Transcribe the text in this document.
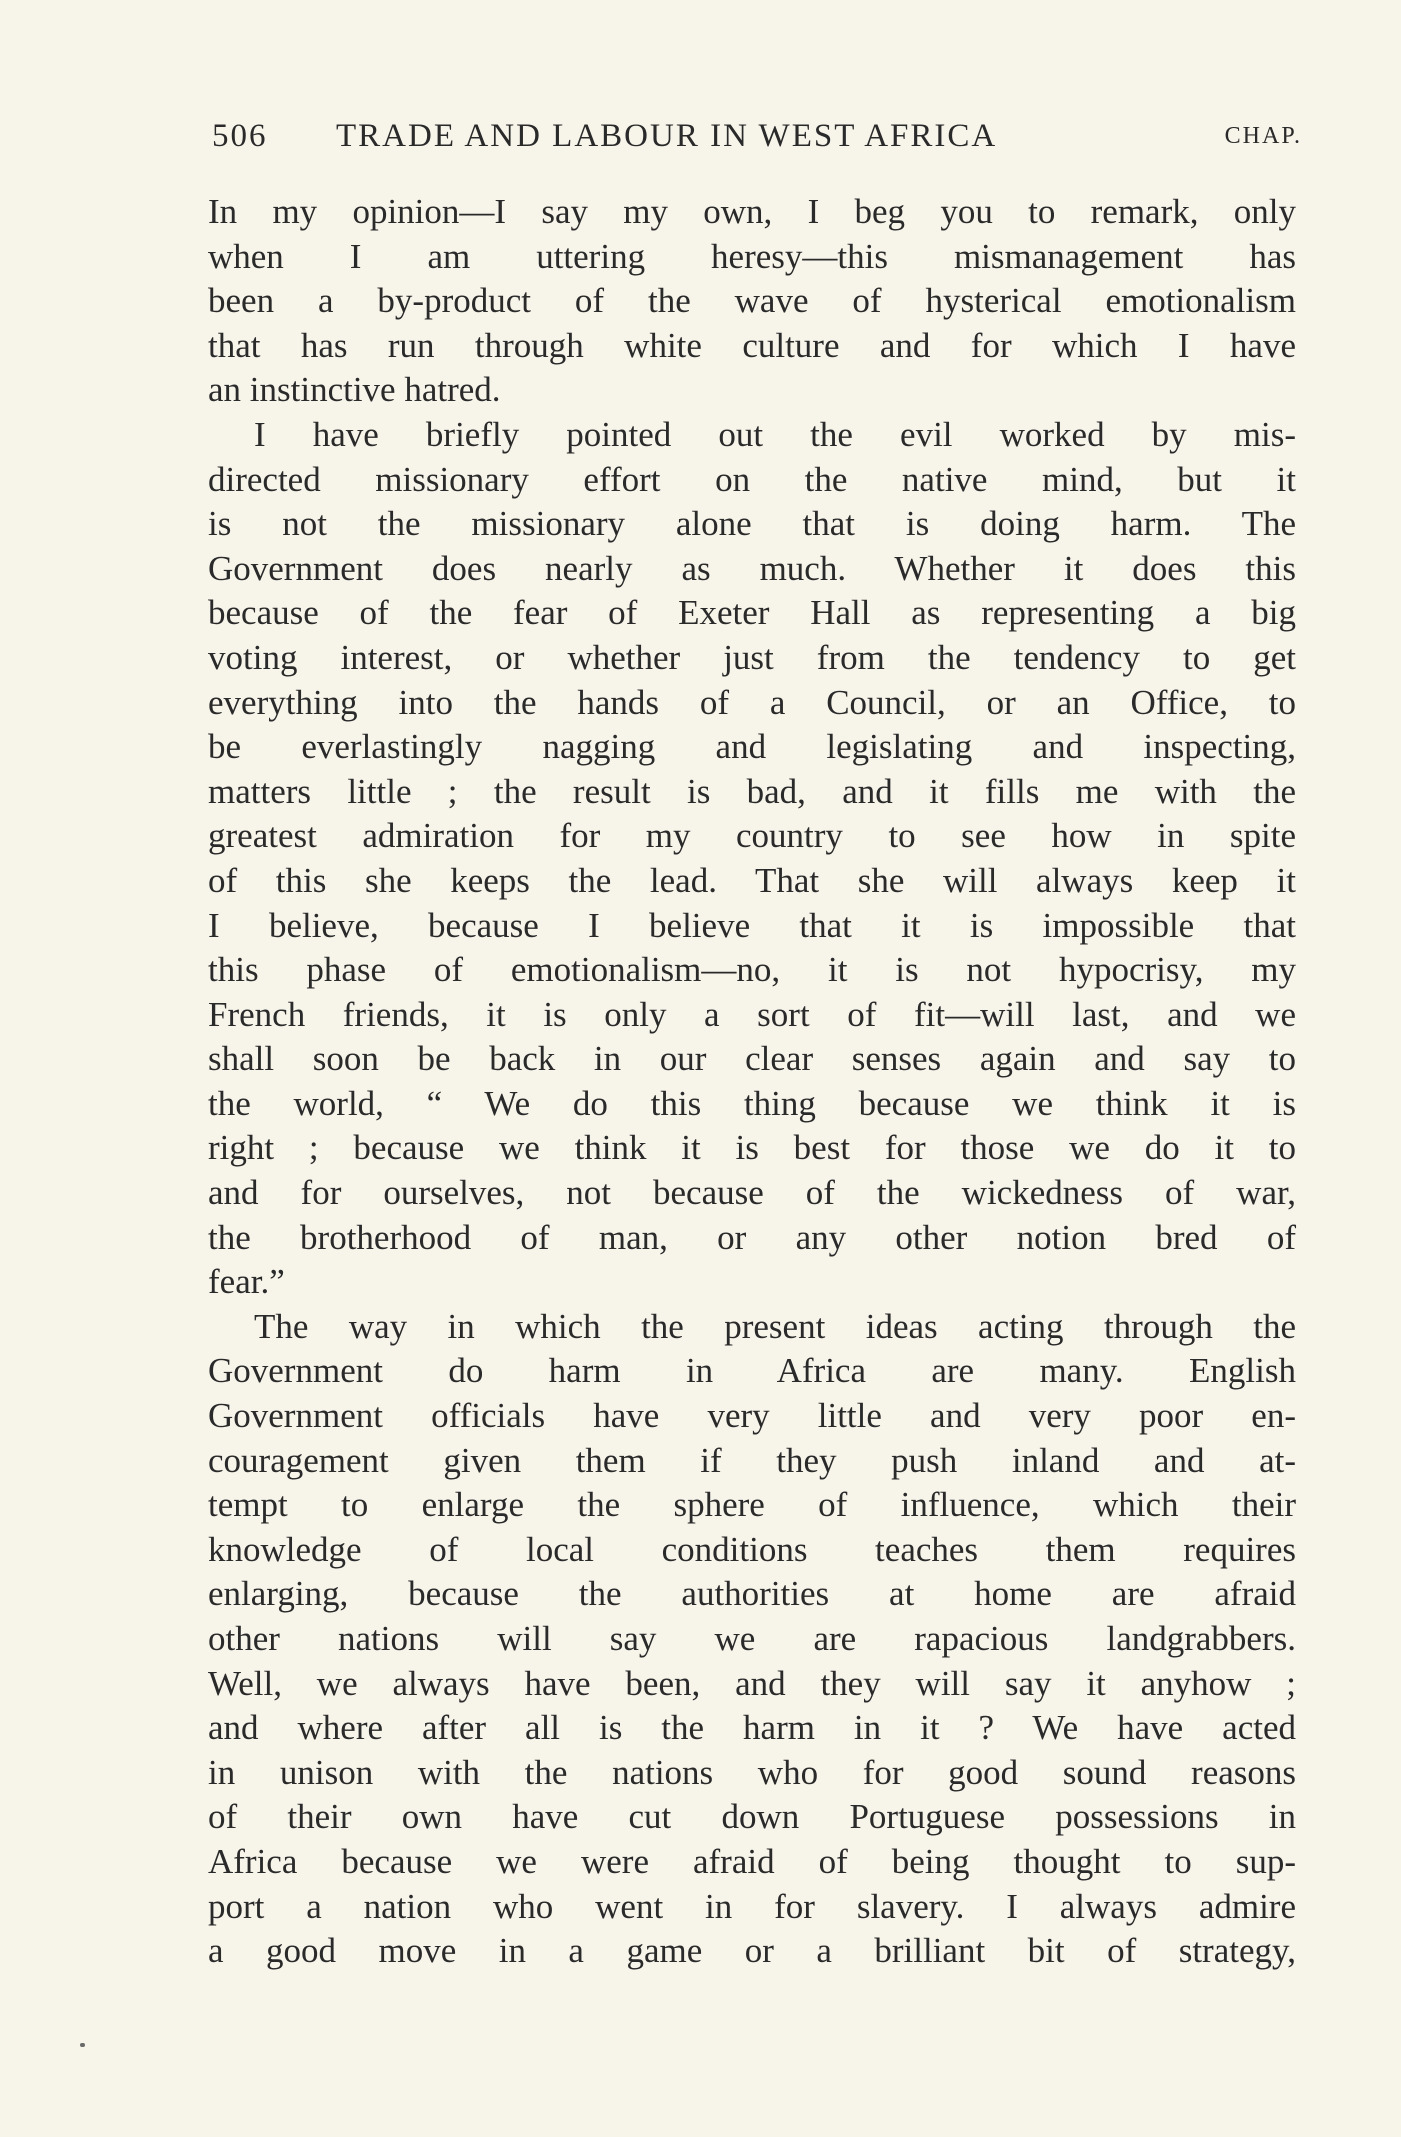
506 TRADE AND LABOUR IN WEST AFRICA	CHAP.
In my opinion—I say my own, I beg you to remark, only
when I am uttering heresy—this mismanagement has
been a by-product of the wave of hysterical emotionalism
that has run through white culture and for which I have
an instinctive hatred.
I have briefly pointed out the evil worked by mis-
directed missionary effort on the native mind, but it
is not the missionary alone that is doing harm. The
Government does nearly as much. Whether it does this
because of the fear of Exeter Hall as representing a big
voting interest, or whether just from the tendency to get
everything into the hands of a Council, or an Office, to
be everlastingly nagging and legislating and inspecting,
matters little ; the result is bad, and it fills me with the
greatest admiration for my country to see how in spite
of this she keeps the lead. That she will always keep it
I believe, because I believe that it is impossible that
this phase of emotionalism—no, it is not hypocrisy, my
French friends, it is only a sort of fit—will last, and we
shall soon be back in our clear senses again and say to
the world, “ We do this thing because we think it is
right ; because we think it is best for those we do it to
and for ourselves, not because of the wickedness of war,
the brotherhood of man, or any other notion bred of
fear.”
The way in which the present ideas acting through the
Government do harm in Africa are many. English
Government officials have very little and very poor en-
couragement given them if they push inland and at-
tempt to enlarge the sphere of influence, which their
knowledge of local conditions teaches them requires
enlarging, because the authorities at home are afraid
other nations will say we are rapacious landgrabbers.
Well, we always have been, and they will say it anyhow ;
and where after all is the harm in it ? We have acted
in unison with the nations who for good sound reasons
of their own have cut down Portuguese possessions in
Africa because we were afraid of being thought to sup-
port a nation who went in for slavery. I always admire
a good move in a game or a brilliant bit of strategy,
